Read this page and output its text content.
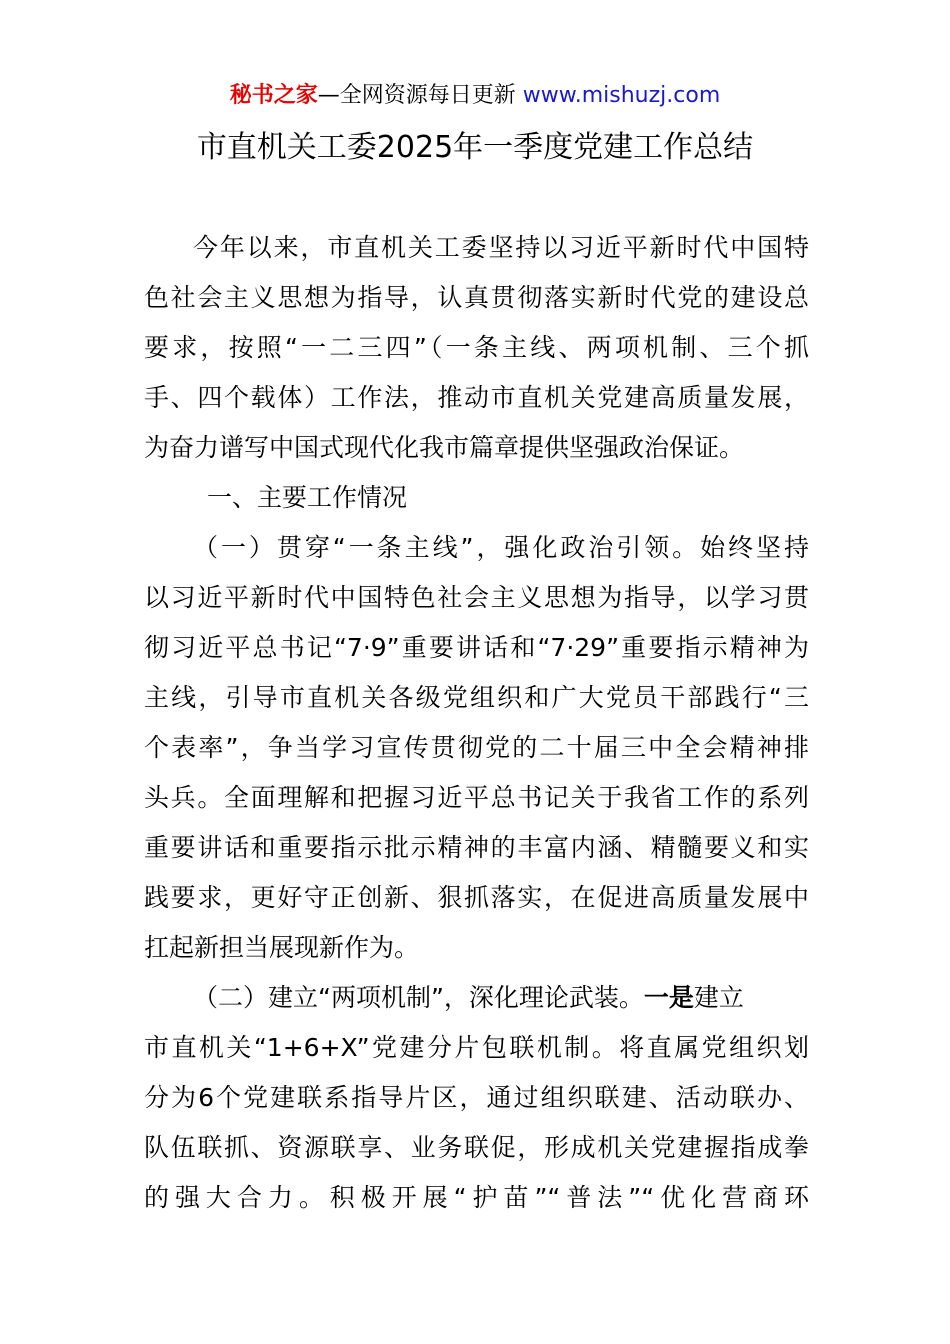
秘书之家—全网资源每日更新 www.mishuzj.com
市直机关工委2025年一季度党建工作总结
今年以来，市直机关工委坚持以习近平新时代中国特
色社会主义思想为指导，认真贯彻落实新时代党的建设总
要求，按照“一二三四”（一条主线、两项机制、三个抓
手、四个载体）工作法，推动市直机关党建高质量发展，
为奋力谱写中国式现代化我市篇章提供坚强政治保证。
一、主要工作情况
（一）贯穿“一条主线”，强化政治引领。始终坚持
以习近平新时代中国特色社会主义思想为指导，以学习贯
彻习近平总书记“7·9”重要讲话和“7·29”重要指示精神为
主线，引导市直机关各级党组织和广大党员干部践行“三
个表率”，争当学习宣传贯彻党的二十届三中全会精神排
头兵。全面理解和把握习近平总书记关于我省工作的系列
重要讲话和重要指示批示精神的丰富内涵、精髓要义和实
践要求，更好守正创新、狠抓落实，在促进高质量发展中
扛起新担当展现新作为。
（二）建立“两项机制”，深化理论武装。一是建立
市直机关“1+6+X”党建分片包联机制。将直属党组织划
分为6个党建联系指导片区，通过组织联建、活动联办、
队伍联抓、资源联享、业务联促，形成机关党建握指成拳
的强大合力。积极开展“护苗”“普法”“优化营商环
